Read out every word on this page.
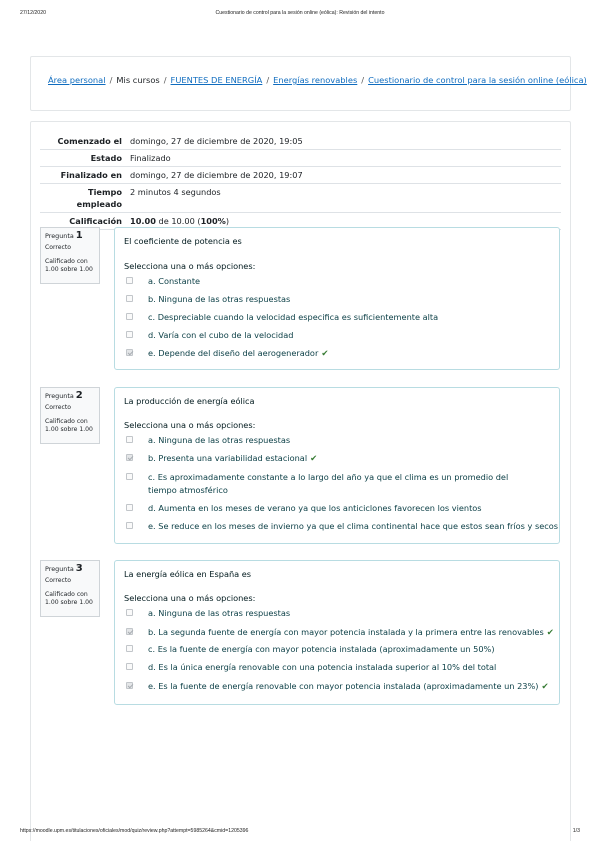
27/12/2020	Cuestionario de control para la sesión online (eólica): Revisión del intento
Área personal / Mis cursos / FUENTES DE ENERGÍA / Energías renovables / Cuestionario de control para la sesión online (eólica)
Comenzado el	domingo, 27 de diciembre de 2020, 19:05
Estado	Finalizado
Finalizado en	domingo, 27 de diciembre de 2020, 19:07
Tiempo
empleado	2 minutos 4 segundos
Calificación	10.00 de 10.00 (100%)
Pregunta 1
Correcto
Calificado con
1.00 sobre 1.00
El coeficiente de potencia es
Selecciona una o más opciones:
a. Constante
b. Ninguna de las otras respuestas
c. Despreciable cuando la velocidad especifica es suficientemente alta
d. Varía con el cubo de la velocidad
e. Depende del diseño del aerogenerador ✔
Pregunta 2
Correcto
Calificado con
1.00 sobre 1.00
La producción de energía eólica
Selecciona una o más opciones:
a. Ninguna de las otras respuestas
b. Presenta una variabilidad estacional ✔
c. Es aproximadamente constante a lo largo del año ya que el clima es un promedio del tiempo atmosférico
d. Aumenta en los meses de verano ya que los anticiclones favorecen los vientos
e. Se reduce en los meses de invierno ya que el clima continental hace que estos sean fríos y secos
Pregunta 3
Correcto
Calificado con
1.00 sobre 1.00
La energía eólica en España es
Selecciona una o más opciones:
a. Ninguna de las otras respuestas
b. La segunda fuente de energía con mayor potencia instalada y la primera entre las renovables ✔
c. Es la fuente de energía con mayor potencia instalada (aproximadamente un 50%)
d. Es la única energía renovable con una potencia instalada superior al 10% del total
e. Es la fuente de energía renovable con mayor potencia instalada (aproximadamente un 23%) ✔
https://moodle.upm.es/titulaciones/oficiales/mod/quiz/review.php?attempt=5985264&cmid=1205396	1/3
